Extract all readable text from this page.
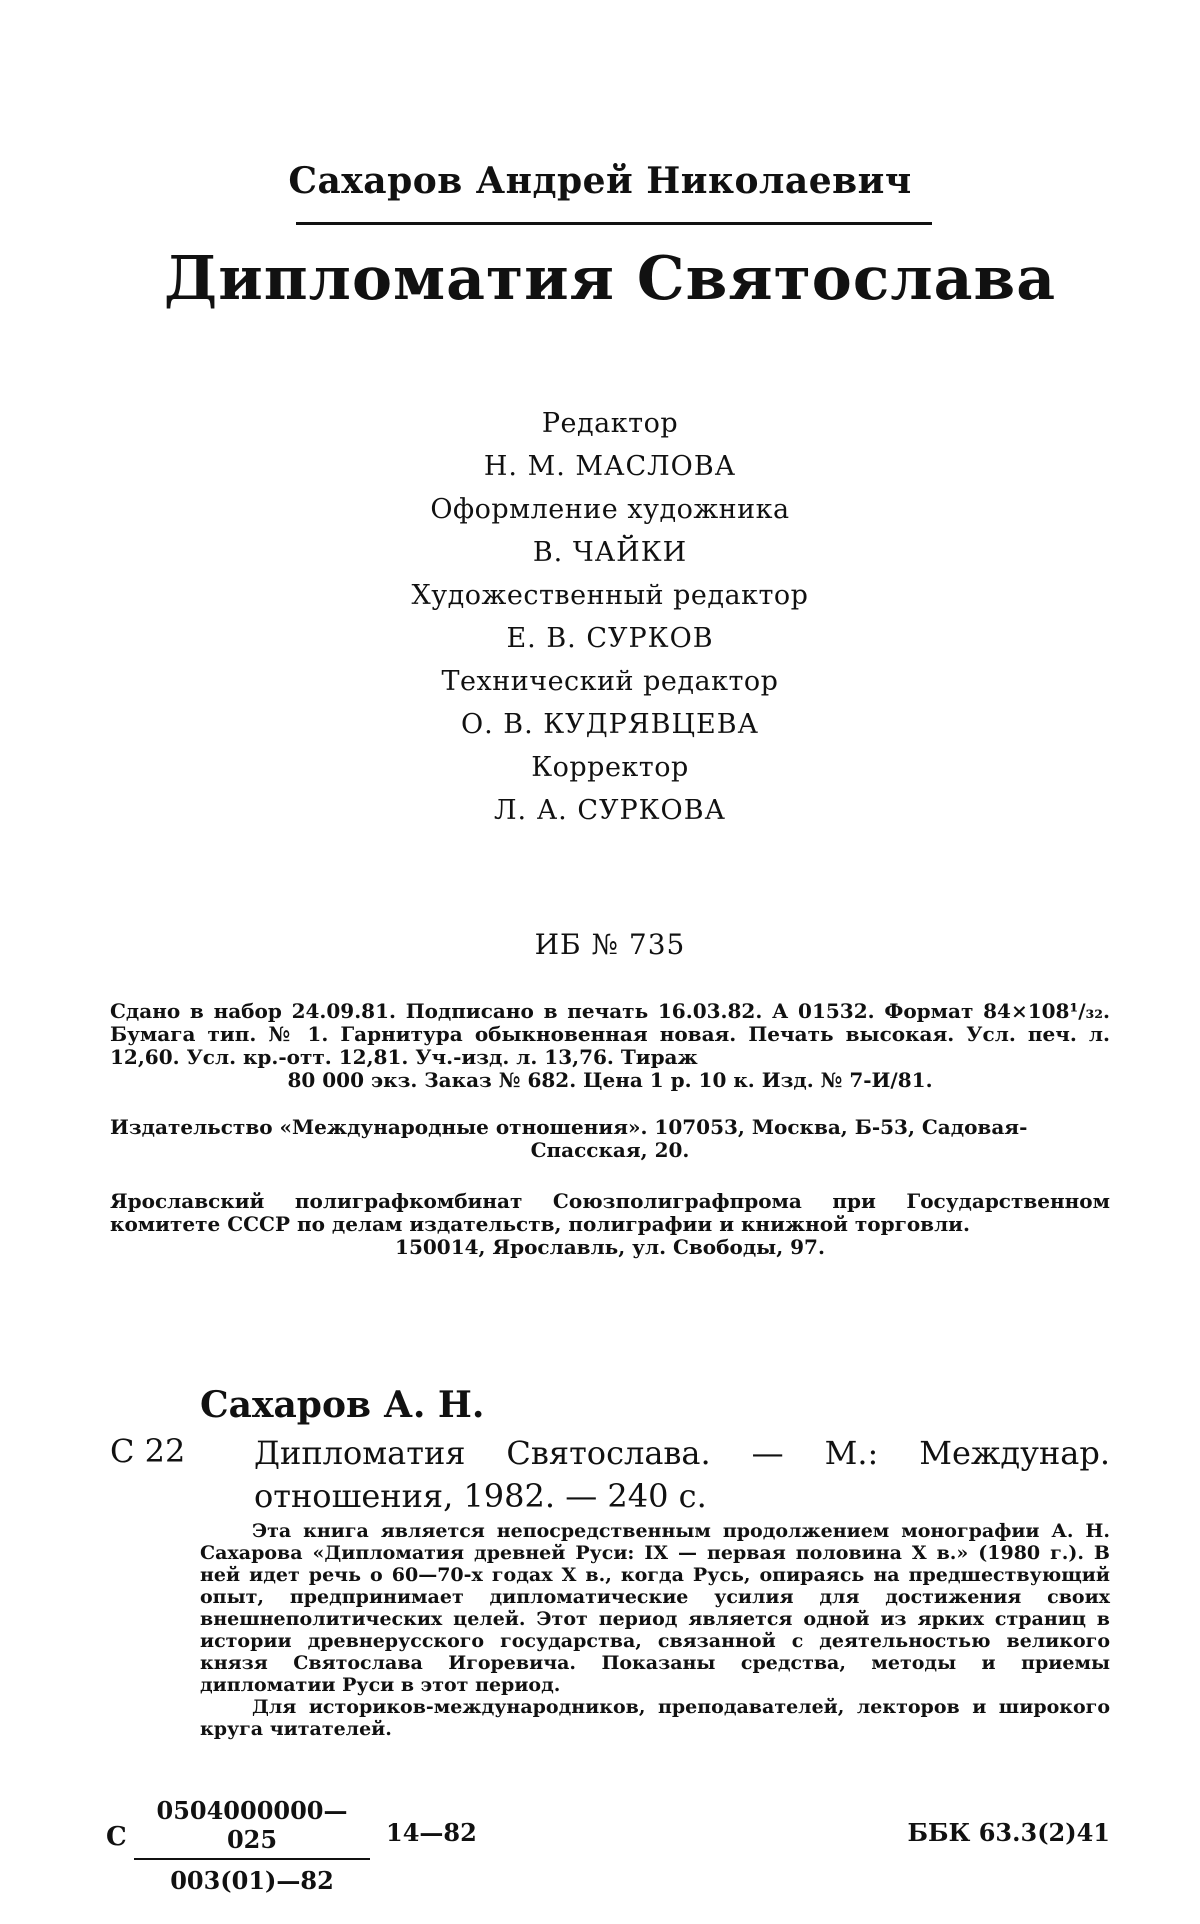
Сахаров Андрей Николаевич
Дипломатия Святослава
Редактор
Н. М. МАСЛОВА
Оформление художника
В. ЧАЙКИ
Художественный редактор
Е. В. СУРКОВ
Технический редактор
О. В. КУДРЯВЦЕВА
Корректор
Л. А. СУРКОВА
ИБ № 735
Сдано в набор 24.09.81. Подписано в печать 16.03.82. А 01532. Формат 84×108¹/₃₂. Бумага тип. № 1. Гарнитура обыкновенная новая. Печать высокая. Усл. печ. л. 12,60. Усл. кр.-отт. 12,81. Уч.-изд. л. 13,76. Тираж
80 000 экз. Заказ № 682. Цена 1 р. 10 к. Изд. № 7-И/81.
Издательство «Международные отношения». 107053, Москва, Б-53, Садовая-
Спасская, 20.
Ярославский полиграфкомбинат Союзполиграфпрома при Государственном комитете СССР по делам издательств, полиграфии и книжной торговли.
150014, Ярославль, ул. Свободы, 97.
Сахаров А. Н.
С 22 Дипломатия Святослава. — М.: Междунар. отношения, 1982. — 240 с.

Эта книга является непосредственным продолжением монографии А. Н. Сахарова «Дипломатия древней Руси: IX — первая половина X в.» (1980 г.). В ней идет речь о 60—70-х годах X в., когда Русь, опираясь на предшествующий опыт, предпринимает дипломатические усилия для достижения своих внешнеполитических целей. Этот период является одной из ярких страниц в истории древнерусского государства, связанной с деятельностью великого князя Святослава Игоревича. Показаны средства, методы и приемы дипломатии Руси в этот период.

Для историков-международников, преподавателей, лекторов и широкого круга читателей.

С $\frac{0504000000—025}{003(01)—82}$ 14—82	ББК 63.3(2)41
